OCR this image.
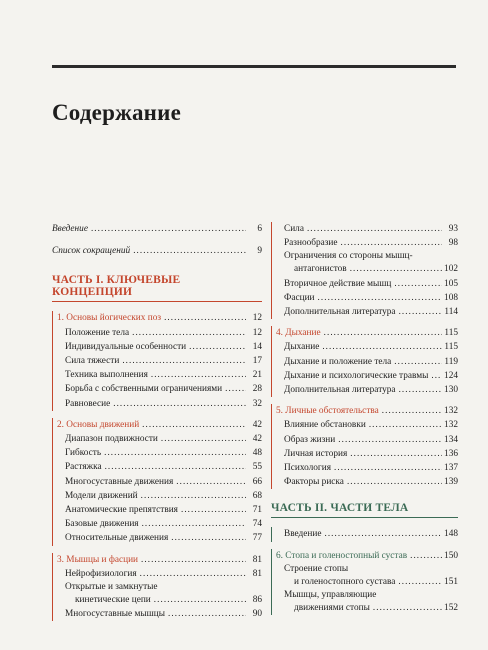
Содержание
Введение .....	6
Список сокращений .....	9
ЧАСТЬ I. КЛЮЧЕВЫЕ КОНЦЕПЦИИ
1. Основы йогических поз .....	12
Положение тела .....	12
Индивидуальные особенности .....	14
Сила тяжести .....	17
Техника выполнения .....	21
Борьба с собственными ограничениями .....	28
Равновесие .....	32
2. Основы движений .....	42
Диапазон подвижности .....	42
Гибкость .....	48
Растяжка .....	55
Многосуставные движения .....	66
Модели движений .....	68
Анатомические препятствия .....	71
Базовые движения .....	74
Относительные движения .....	77
3. Мышцы и фасции .....	81
Нейрофизиология .....	81
Открытые и замкнутые
кинетические цепи .....	86
Многосуставные мышцы .....	90
Сила .....	93
Разнообразие .....	98
Ограничения со стороны мышц-
антагонистов .....	102
Вторичное действие мышц .....	105
Фасции .....	108
Дополнительная литература .....	114
4. Дыхание .....	115
Дыхание .....	115
Дыхание и положение тела .....	119
Дыхание и психологические травмы ..... 124
Дополнительная литература .....	130
5. Личные обстоятельства .....	132
Влияние обстановки .....	132
Образ жизни .....	134
Личная история .....	136
Психология .....	137
Факторы риска .....	139
ЧАСТЬ II. ЧАСТИ ТЕЛА
Введение .....	148
6. Стопа и голеностопный сустав .....	150
Строение стопы
и голеностопного сустава .....	151
Мышцы, управляющие
движениями стопы .....	152
